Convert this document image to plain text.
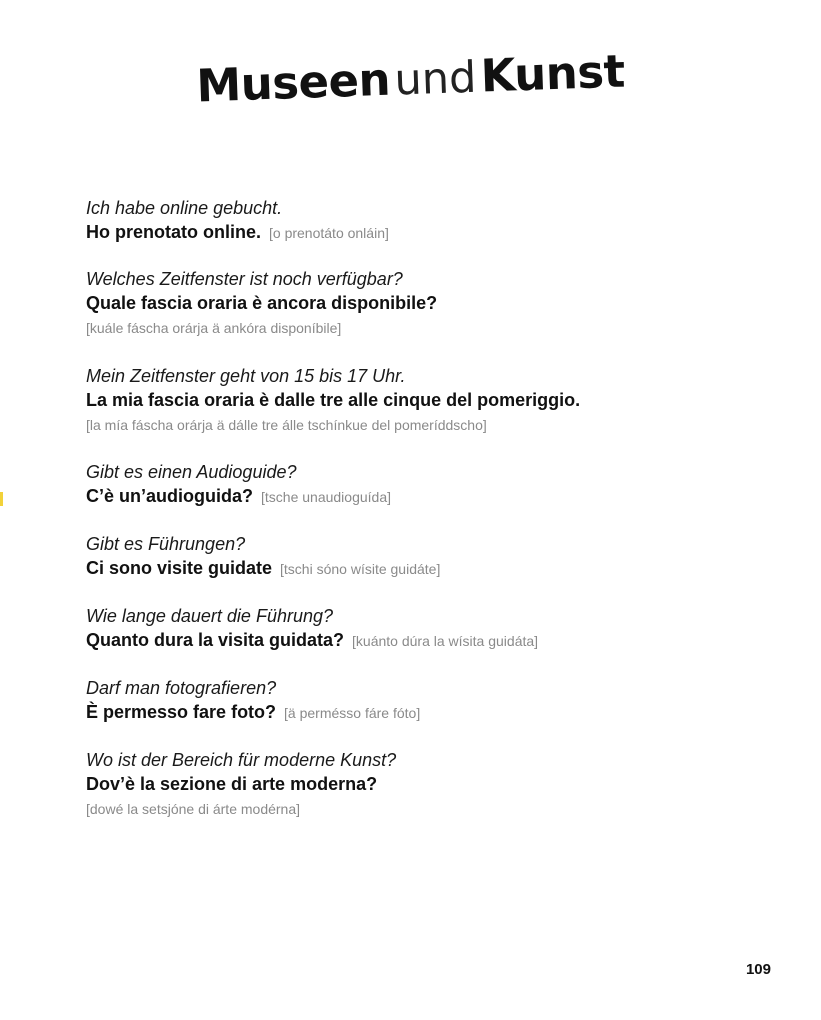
Museen und Kunst
Ich habe online gebucht.
Ho prenotato online. [o prenotáto onláin]
Welches Zeitfenster ist noch verfügbar?
Quale fascia oraria è ancora disponibile?
[kuále fáscha orárja ä ankóra disponíbile]
Mein Zeitfenster geht von 15 bis 17 Uhr.
La mia fascia oraria è dalle tre alle cinque del pomeriggio.
[la mía fáscha orárja ä dálle tre álle tschínkue del pomeríddscho]
Gibt es einen Audioguide?
C’è un’audioguida? [tsche unaudioguída]
Gibt es Führungen?
Ci sono visite guidate [tschi sóno wísite guidáte]
Wie lange dauert die Führung?
Quanto dura la visita guidata? [kuánto dúra la wísita guidáta]
Darf man fotografieren?
È permesso fare foto? [ä permésso fáre fóto]
Wo ist der Bereich für moderne Kunst?
Dov’è la sezione di arte moderna?
[dowé la setsjóne di árte modérna]
109
